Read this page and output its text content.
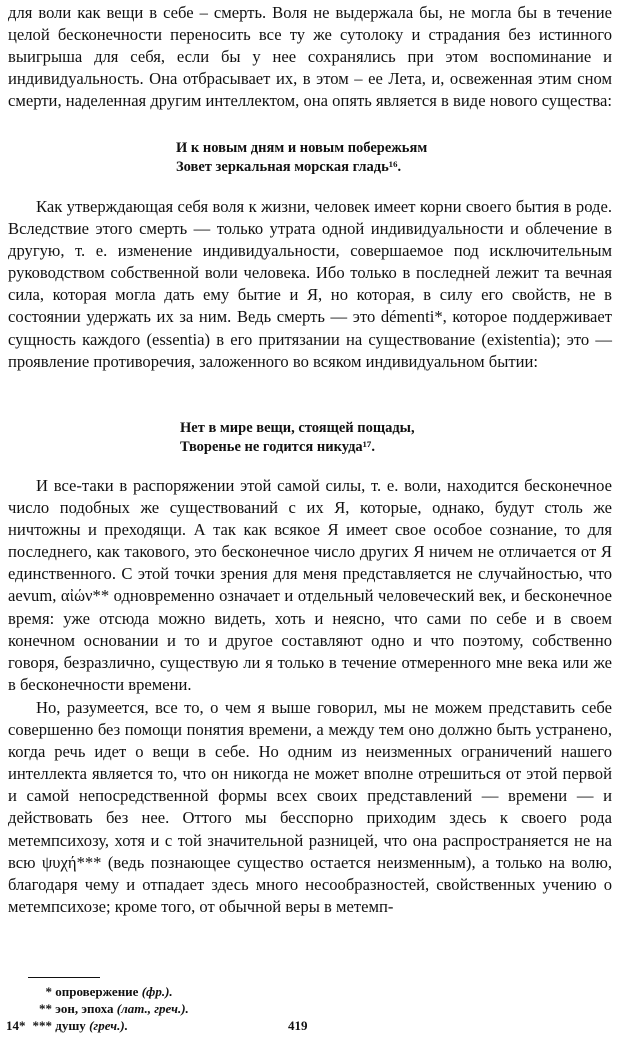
для воли как вещи в себе – смерть. Воля не выдержала бы, не могла бы в течение целой бесконечности переносить все ту же сутолоку и страдания без истинного выигрыша для себя, если бы у нее сохранялись при этом воспоминание и индивидуальность. Она отбрасывает их, в этом – ее Лета, и, освеженная этим сном смерти, наделенная другим интеллектом, она опять является в виде нового существа:

И к новым дням и новым побережьям
Зовет зеркальная морская гладь¹⁶.

Как утверждающая себя воля к жизни, человек имеет корни своего бытия в роде. Вследствие этого смерть — только утрата одной индивидуальности и облечение в другую, т. е. изменение индивидуальности, совершаемое под исключительным руководством собственной воли человека. Ибо только в последней лежит та вечная сила, которая могла дать ему бытие и Я, но которая, в силу его свойств, не в состоянии удержать их за ним. Ведь смерть — это démenti*, которое поддерживает сущность каждого (essentia) в его притязании на существование (existentia); это — проявление противоречия, заложенного во всяком индивидуальном бытии:

Нет в мире вещи, стоящей пощады,
Творенье не годится никуда¹⁷.

И все-таки в распоряжении этой самой силы, т. е. воли, находится бесконечное число подобных же существований с их Я, которые, однако, будут столь же ничтожны и преходящи. А так как всякое Я имеет свое особое сознание, то для последнего, как такового, это бесконечное число других Я ничем не отличается от Я единственного. С этой точки зрения для меня представляется не случайностью, что aevum, αἰών** одновременно означает и отдельный человеческий век, и бесконечное время: уже отсюда можно видеть, хоть и неясно, что сами по себе и в своем конечном основании и то и другое составляют одно и что поэтому, собственно говоря, безразлично, существую ли я только в течение отмеренного мне века или же в бесконечности времени.

Но, разумеется, все то, о чем я выше говорил, мы не можем представить себе совершенно без помощи понятия времени, а между тем оно должно быть устранено, когда речь идет о вещи в себе. Но одним из неизменных ограничений нашего интеллекта является то, что он никогда не может вполне отрешиться от этой первой и самой непосредственной формы всех своих представлений –– времени — и действовать без нее. Оттого мы бесспорно приходим здесь к своего рода метемпсихозу, хотя и с той значительной разницей, что она распространяется не на всю ψυχή*** (ведь познающее существо остается неизменным), а только на волю, благодаря чему и отпадает здесь много несообразностей, свойственных учению о метемпсихозе; кроме того, от обычной веры в метемп-

* опровержение (фр.).
** эон, эпоха (лат., греч.).
*** душу (греч.).
14*	419
